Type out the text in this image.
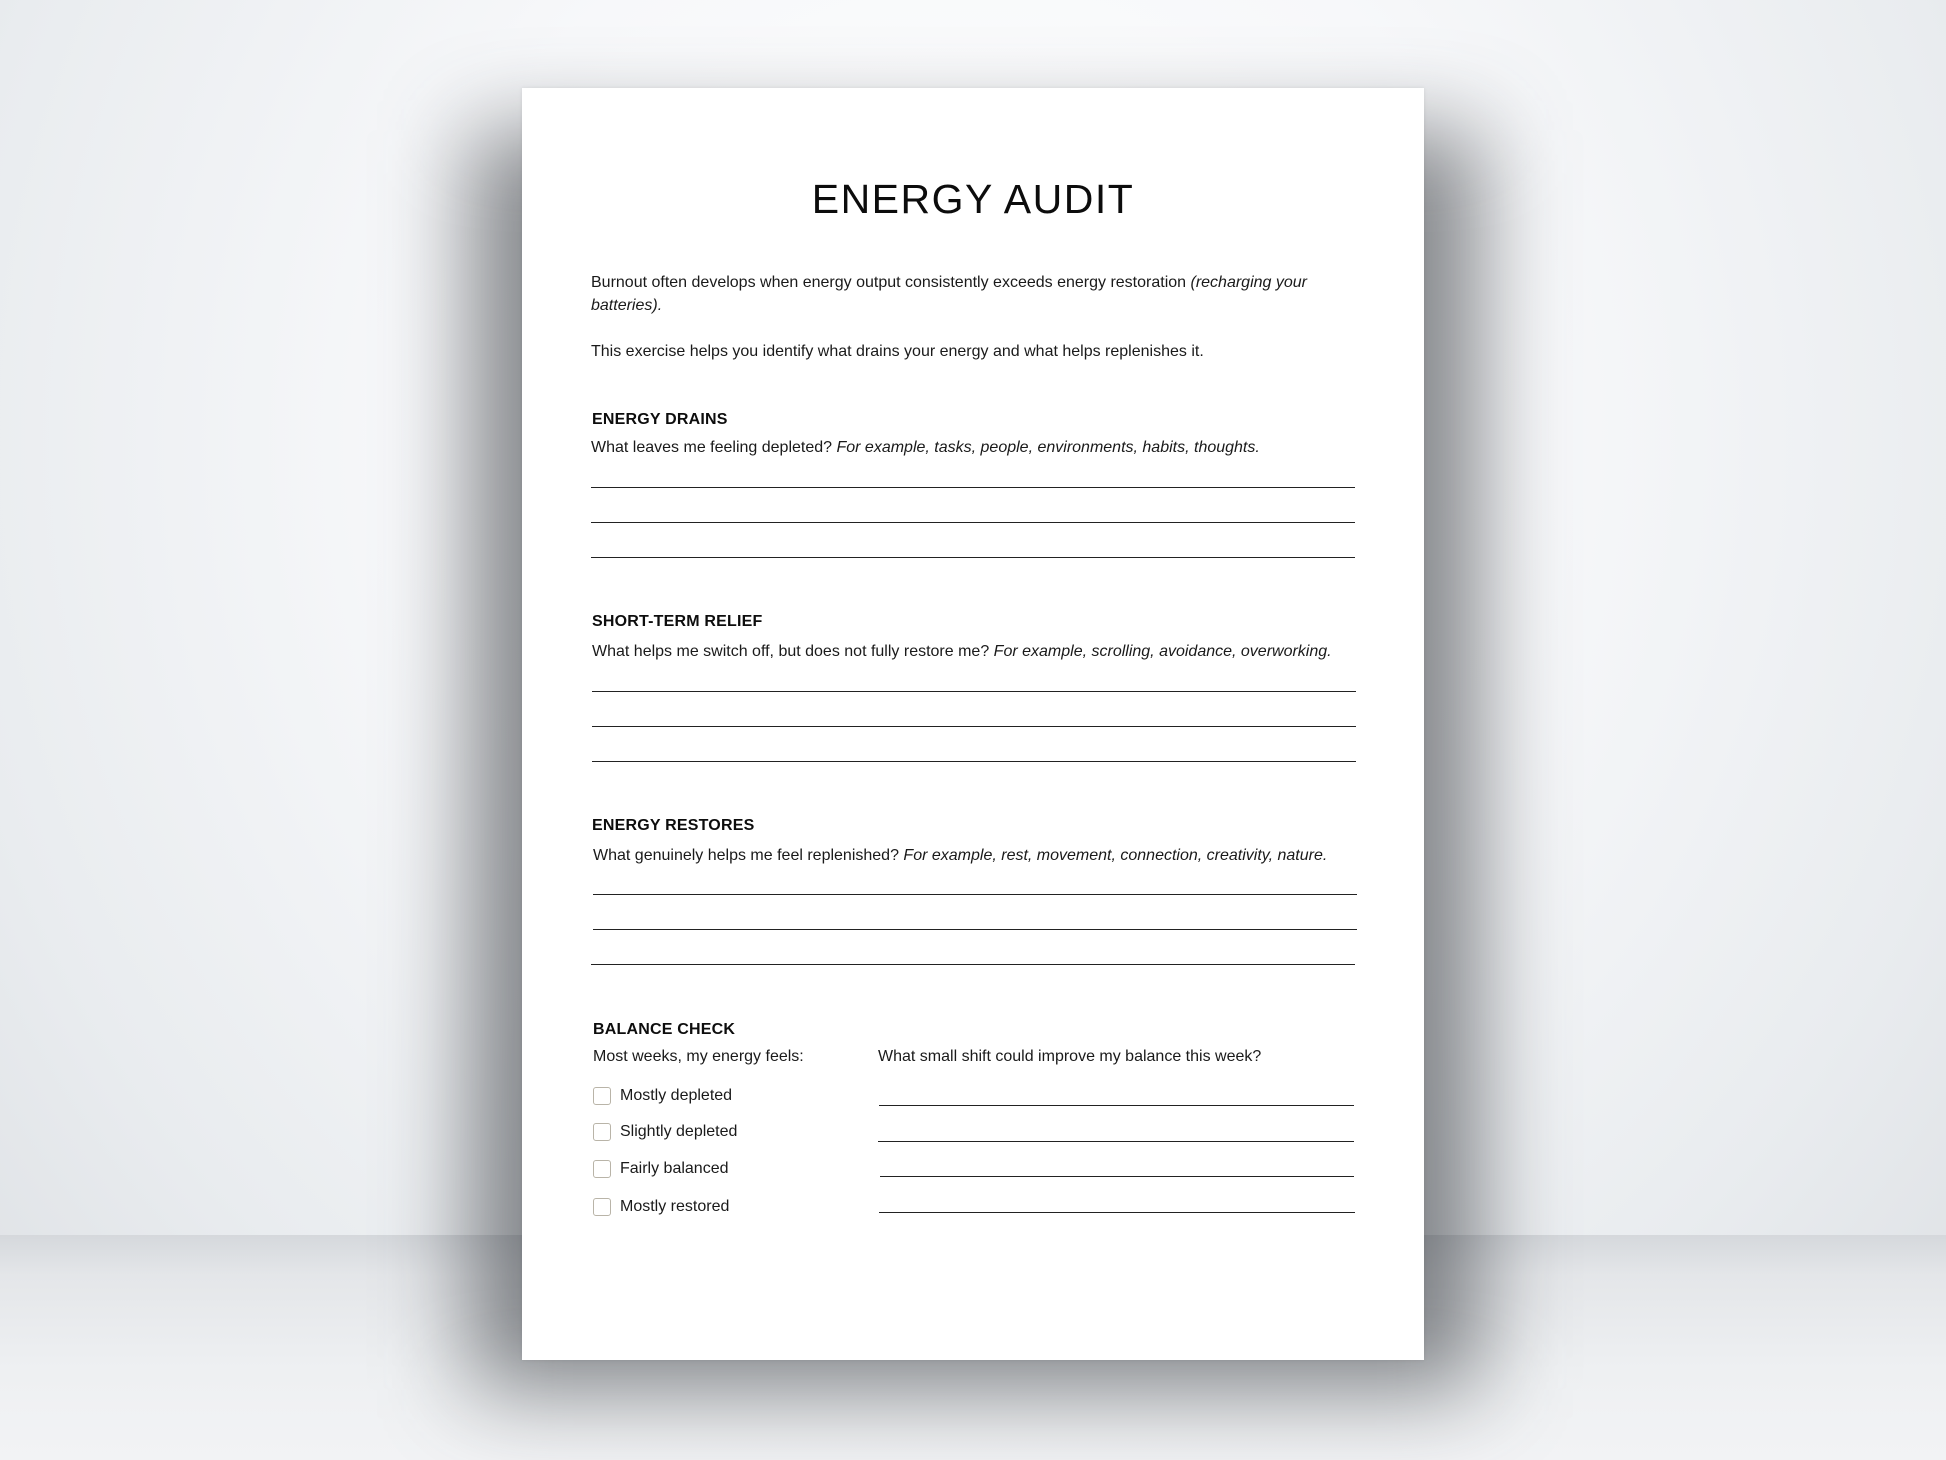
ENERGY AUDIT
Burnout often develops when energy output consistently exceeds energy restoration (recharging your batteries).
This exercise helps you identify what drains your energy and what helps replenishes it.
ENERGY DRAINS
What leaves me feeling depleted? For example, tasks, people, environments, habits, thoughts.
SHORT-TERM RELIEF
What helps me switch off, but does not fully restore me? For example, scrolling, avoidance, overworking.
ENERGY RESTORES
What genuinely helps me feel replenished? For example, rest, movement, connection, creativity, nature.
BALANCE CHECK
Most weeks, my energy feels:	What small shift could improve my balance this week?
Mostly depleted
Slightly depleted
Fairly balanced
Mostly restored
